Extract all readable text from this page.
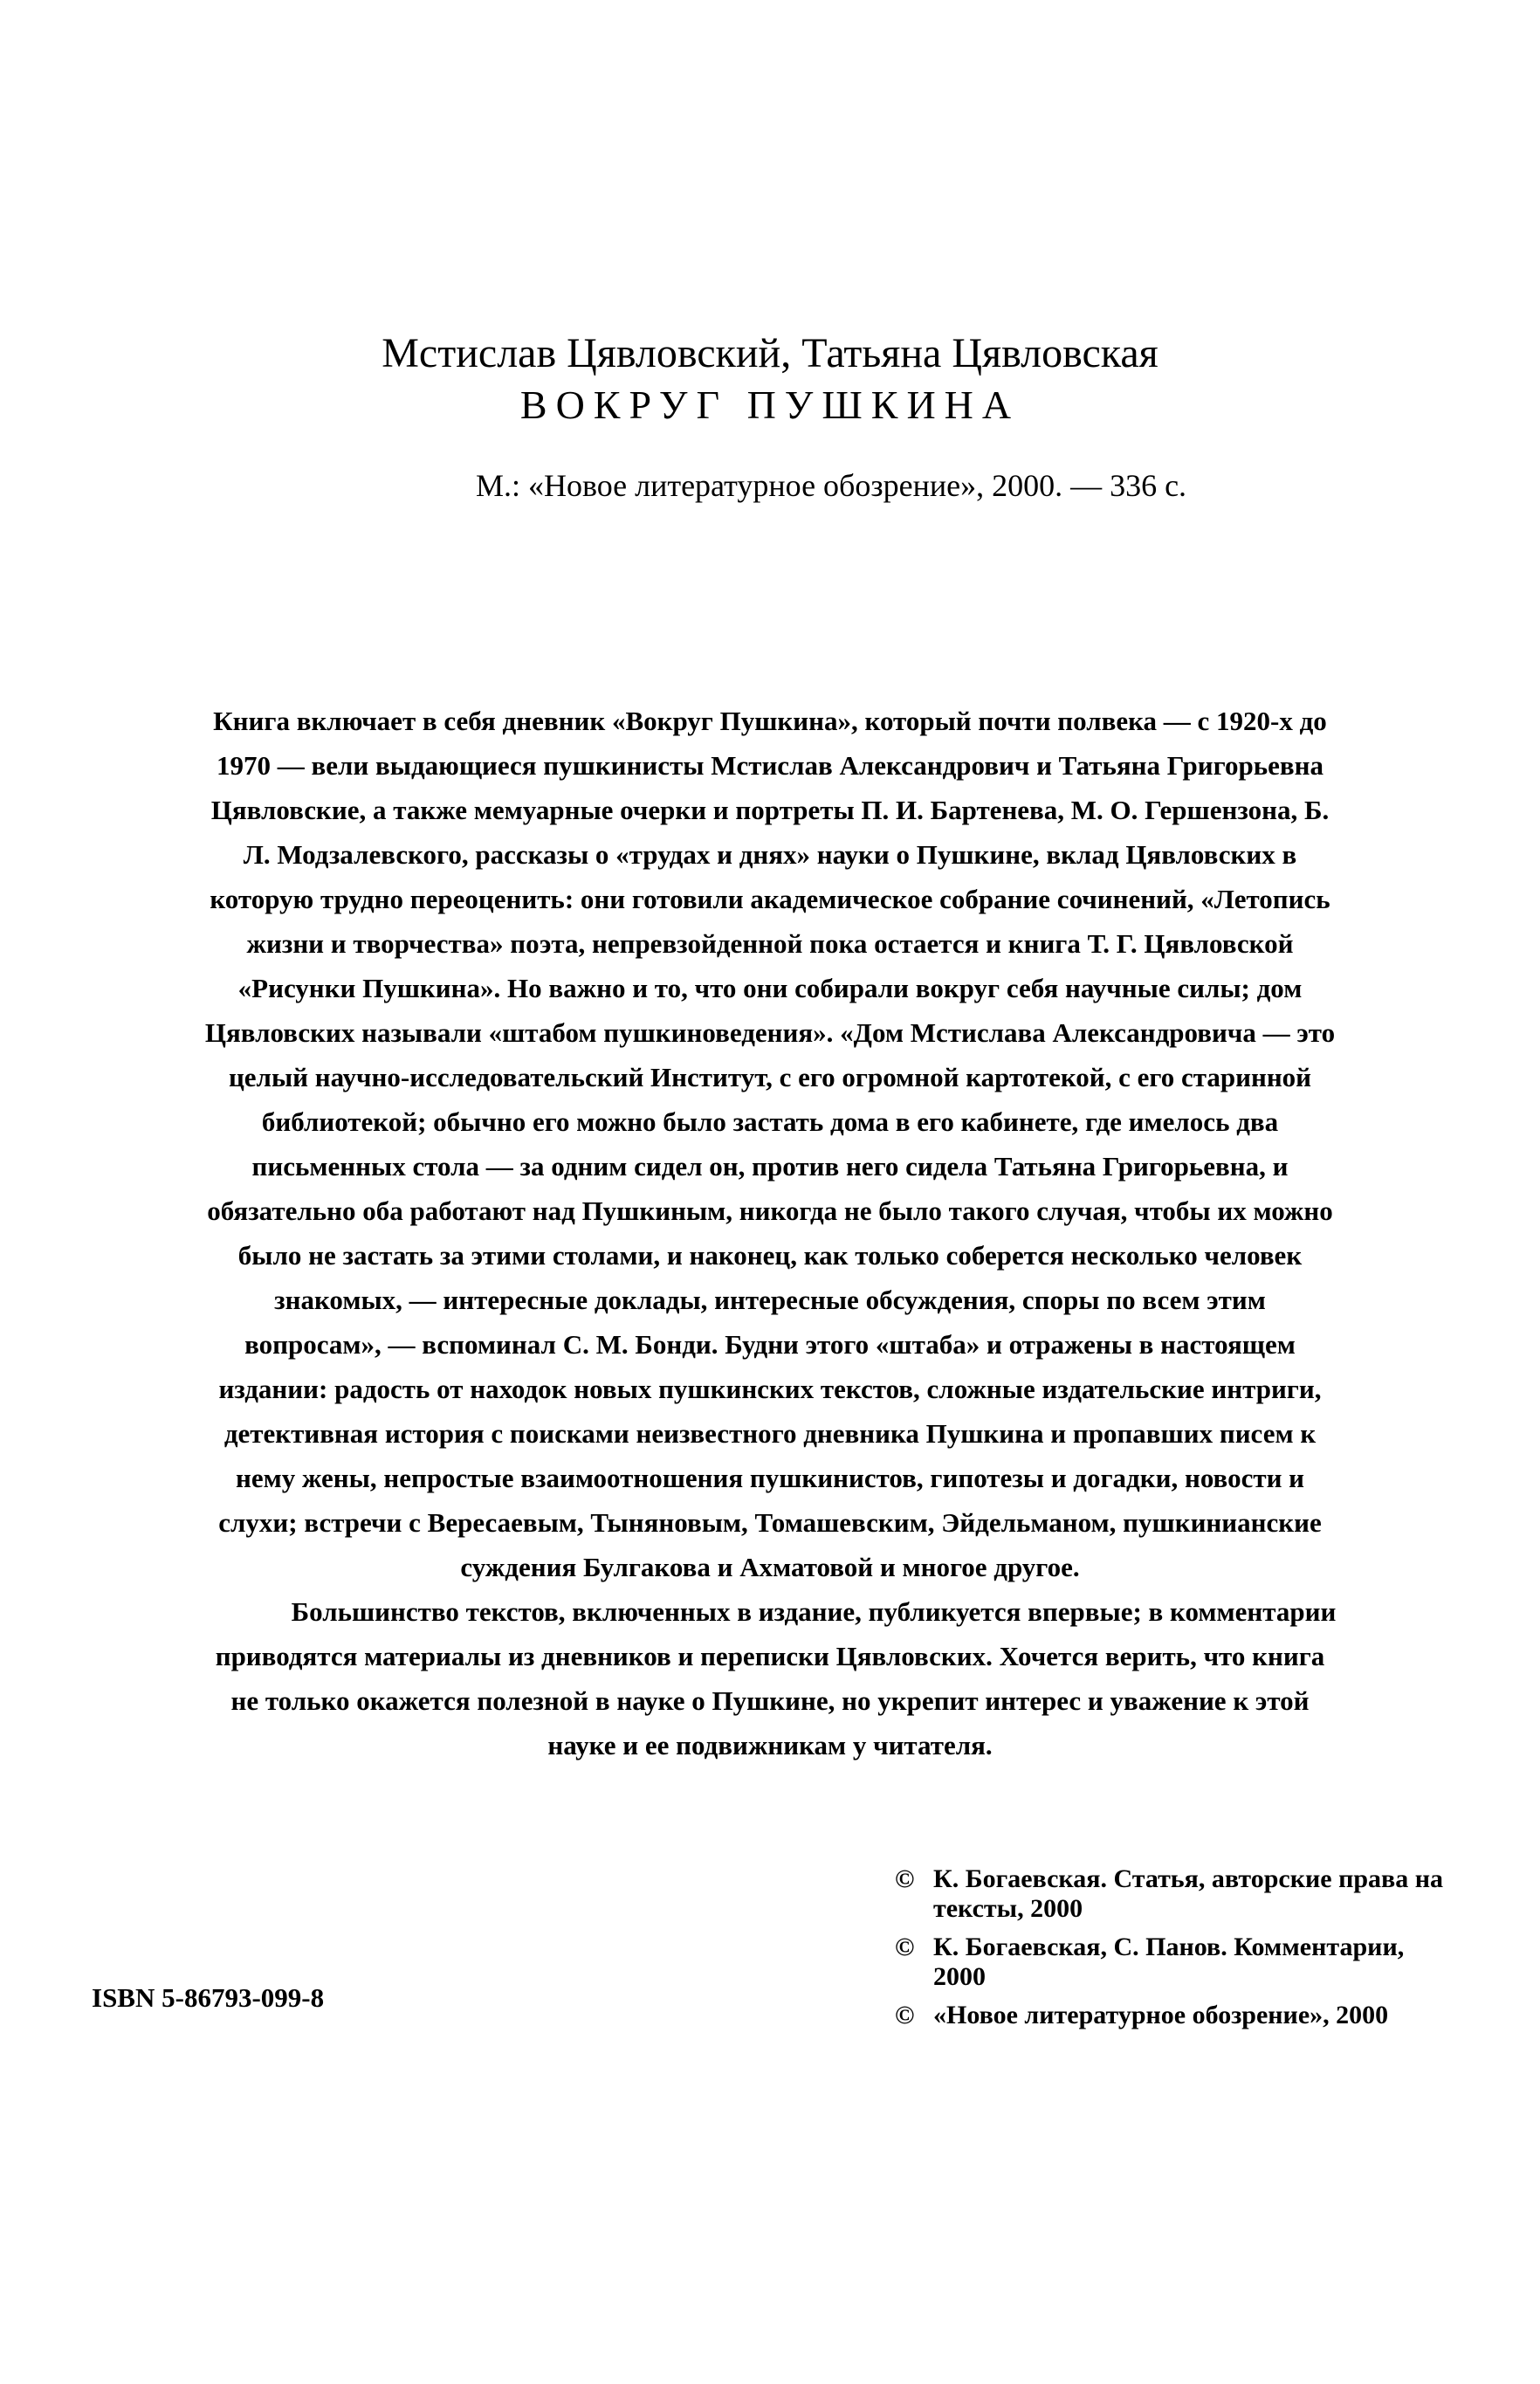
Мстислав Цявловский, Татьяна Цявловская
ВОКРУГ ПУШКИНА

М.: «Новое литературное обозрение», 2000. — 336 с.

Книга включает в себя дневник «Вокруг Пушкина», который почти полвека — с 1920-х до 1970 — вели выдающиеся пушкинисты Мстислав Александрович и Татьяна Григорьевна Цявловские, а также мемуарные очерки и портреты П. И. Бартенева, М. О. Гершензона, Б. Л. Модзалевского, рассказы о «трудах и днях» науки о Пушкине, вклад Цявловских в которую трудно переоценить: они готовили академическое собрание сочинений, «Летопись жизни и творчества» поэта, непревзойденной пока остается и книга Т. Г. Цявловской «Рисунки Пушкина». Но важно и то, что они собирали вокруг себя научные силы; дом Цявловских называли «штабом пушкиноведения». «Дом Мстислава Александровича — это целый научно-исследовательский Институт, с его огромной картотекой, с его старинной библиотекой; обычно его можно было застать дома в его кабинете, где имелось два письменных стола — за одним сидел он, против него сидела Татьяна Григорьевна, и обязательно оба работают над Пушкиным, никогда не было такого случая, чтобы их можно было не застать за этими столами, и наконец, как только соберется несколько человек знакомых, — интересные доклады, интересные обсуждения, споры по всем этим вопросам», — вспоминал С. М. Бонди. Будни этого «штаба» и отражены в настоящем издании: радость от находок новых пушкинских текстов, сложные издательские интриги, детективная история с поисками неизвестного дневника Пушкина и пропавших писем к нему жены, непростые взаимоотношения пушкинистов, гипотезы и догадки, новости и слухи; встречи с Вересаевым, Тыняновым, Томашевским, Эйдельманом, пушкинианские суждения Булгакова и Ахматовой и многое другое.

Большинство текстов, включенных в издание, публикуется впервые; в комментарии приводятся материалы из дневников и переписки Цявловских. Хочется верить, что книга не только окажется полезной в науке о Пушкине, но укрепит интерес и уважение к этой науке и ее подвижникам у читателя.

ISBN 5-86793-099-8

© К. Богаевская. Статья, авторские права на тексты, 2000
© К. Богаевская, С. Панов. Комментарии, 2000
© «Новое литературное обозрение», 2000
